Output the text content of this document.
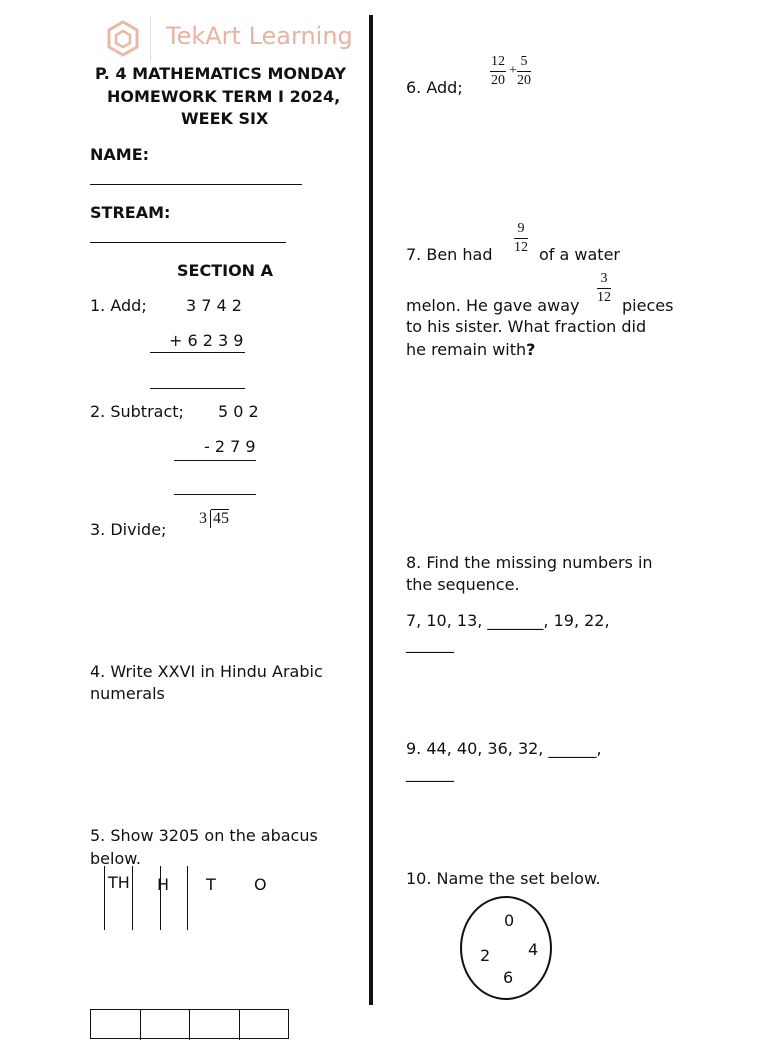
TekArt Learning
P. 4 MATHEMATICS MONDAY
HOMEWORK TERM I 2024,
WEEK SIX
NAME:
STREAM:
SECTION A
1. Add; 3 7 4 2
+ 6 2 3 9
2. Subtract; 5 0 2
- 2 7 9
3. Divide;
3 45
4. Write XXVI in Hindu Arabic
numerals
5. Show 3205 on the abacus
below.
TH H T O
6. Add; $\frac{12}{20} + \frac{5}{20}$
7. Ben had $\frac{9}{12}$ of a water
melon. He gave away
$\frac{3}{12}$
pieces
to his sister. What fraction did
he remain with?
8. Find the missing numbers in
the sequence.
7, 10, 13, _______, 19, 22,
______
9. 44, 40, 36, 32, ______,
______
10. Name the set below.
0
2 4
6
